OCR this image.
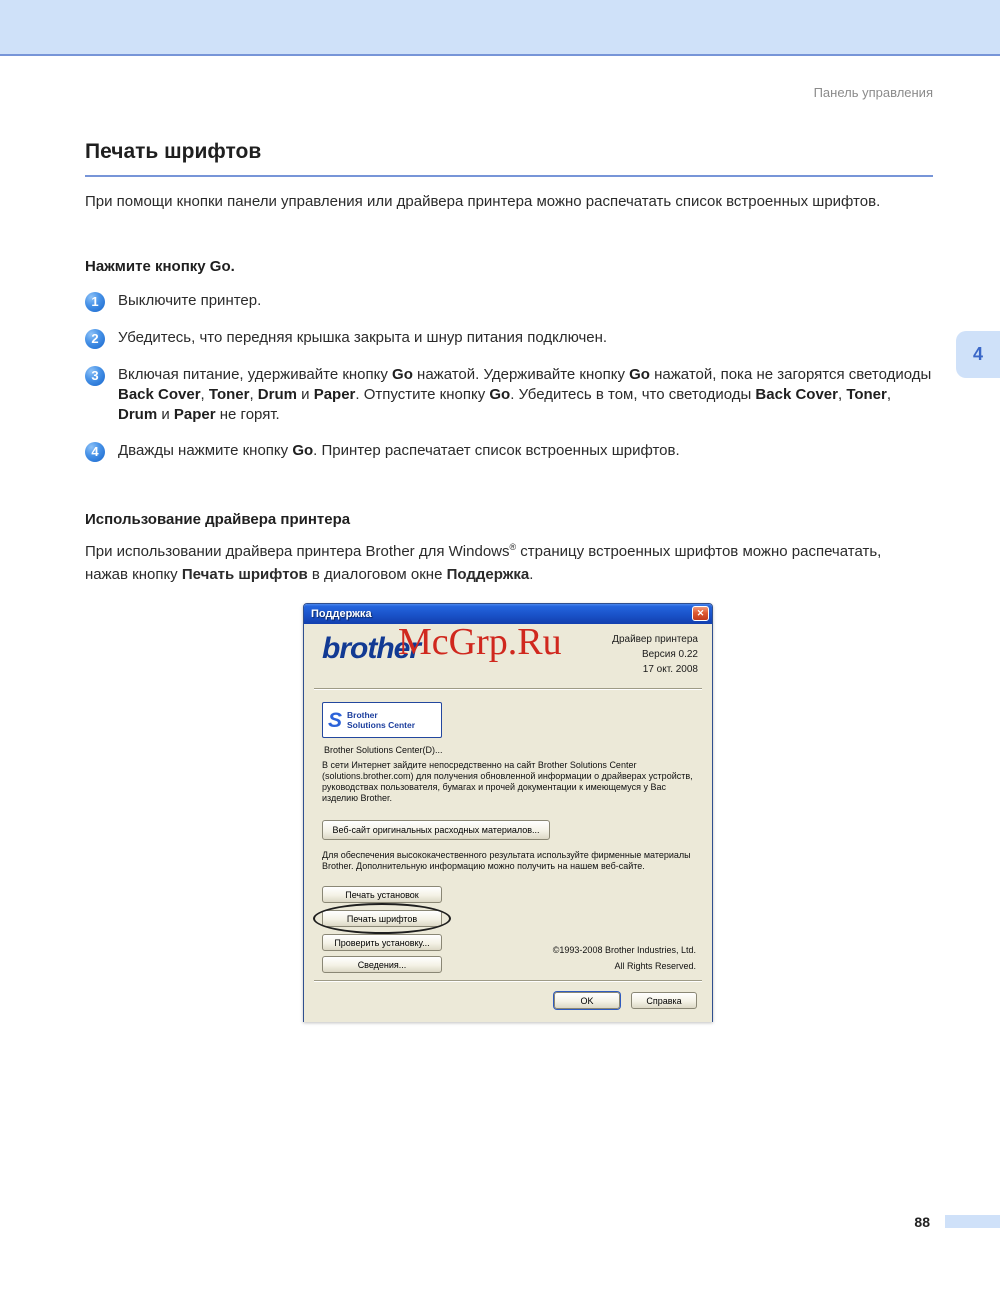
Панель управления
Печать шрифтов

При помощи кнопки панели управления или драйвера принтера можно распечатать список встроенных шрифтов.

Нажмите кнопку Go.
1	Выключите принтер.
2	Убедитесь, что передняя крышка закрыта и шнур питания подключен.
3	Включая питание, удерживайте кнопку Go нажатой. Удерживайте кнопку Go нажатой, пока не загорятся светодиоды Back Cover, Toner, Drum и Paper. Отпустите кнопку Go. Убедитесь в том, что светодиоды Back Cover, Toner, Drum и Paper не горят.
4	Дважды нажмите кнопку Go. Принтер распечатает список встроенных шрифтов.
Использование драйвера принтера

При использовании драйвера принтера Brother для Windows® страницу встроенных шрифтов можно распечатать, нажав кнопку Печать шрифтов в диалоговом окне Поддержка.

Поддержка	✕
brother
McGrp.Ru	Драйвер принтера
Версия 0.22
17 окт. 2008
S Brother
Solutions Center
Brother Solutions Center(D)...
В сети Интернет зайдите непосредственно на сайт Brother Solutions Center (solutions.brother.com) для получения обновленной информации о драйверах устройств, руководствах пользователя, бумагах и прочей документации к имеющемуся у Вас изделию Brother.
Веб-сайт оригинальных расходных материалов...
Для обеспечения высококачественного результата используйте фирменные материалы Brother. Дополнительную информацию можно получить на нашем веб-сайте.
Печать установок
Печать шрифтов
Проверить установку...
Сведения...
©1993-2008 Brother Industries, Ltd.
All Rights Reserved.
OK	Справка
4
88
